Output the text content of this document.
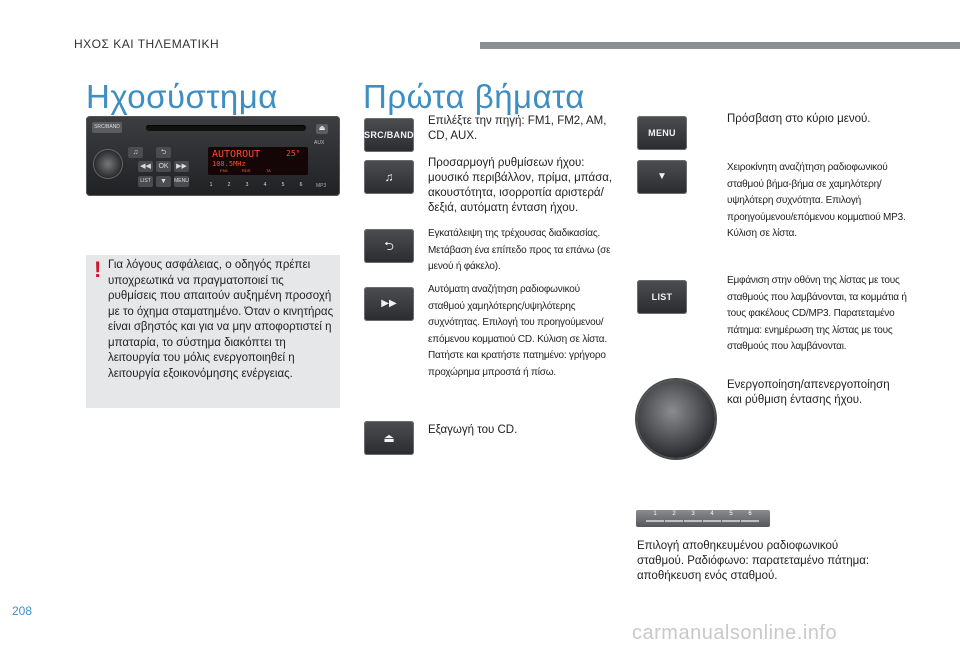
ΗΧΟΣ ΚΑΙ ΤΗΛΕΜΑΤΙΚΗ
Ηχοσύστημα
SRC/BAND	⏏
AUX
♫	⮌
◀◀	OK	▶▶
LIST	▼	MENU
AUTOROUT	25°
108.5MHz
FM1	RDS	TA
1	2	3	4	5	6	MP3
! Για λόγους ασφάλειας, ο οδηγός πρέπει υποχρεωτικά να πραγματοποιεί τις ρυθμίσεις που απαιτούν αυξημένη προσοχή με το όχημα σταματημένο. Όταν ο κινητήρας είναι σβηστός και για να μην αποφορτιστεί η μπαταρία, το σύστημα διακόπτει τη λειτουργία του μόλις ενεργοποιηθεί η λειτουργία εξοικονόμησης ενέργειας.
Πρώτα βήματα
SRC/BAND
Επιλέξτε την πηγή: FM1, FM2, AM, CD, AUX.
♫
Προσαρμογή ρυθμίσεων ήχου: μουσικό περιβάλλον, πρίμα, μπάσα, ακουστότητα, ισορροπία αριστερά/δεξιά, αυτόματη ένταση ήχου.
⮌
Εγκατάλειψη της τρέχουσας διαδικασίας. Μετάβαση ένα επίπεδο προς τα επάνω (σε μενού ή φάκελο).
▶▶
Αυτόματη αναζήτηση ραδιοφωνικού σταθμού χαμηλότερης/υψηλότερης συχνότητας. Επιλογή του προηγούμενου/επόμενου κομματιού CD. Κύλιση σε λίστα. Πατήστε και κρατήστε πατημένο: γρήγορο προχώρημα μπροστά ή πίσω.
⏏
Εξαγωγή του CD.
MENU
Πρόσβαση στο κύριο μενού.
▼
Χειροκίνητη αναζήτηση ραδιοφωνικού σταθμού βήμα-βήμα σε χαμηλότερη/υψηλότερη συχνότητα. Επιλογή προηγούμενου/επόμενου κομματιού MP3. Κύλιση σε λίστα.
LIST
Εμφάνιση στην οθόνη της λίστας με τους σταθμούς που λαμβάνονται, τα κομμάτια ή τους φακέλους CD/MP3. Παρατεταμένο πάτημα: ενημέρωση της λίστας με τους σταθμούς που λαμβάνονται.
Ενεργοποίηση/απενεργοποίηση και ρύθμιση έντασης ήχου.
1	2	3	4	5	6
Επιλογή αποθηκευμένου ραδιοφωνικού σταθμού. Ραδιόφωνο: παρατεταμένο πάτημα: αποθήκευση ενός σταθμού.
208
carmanualsonline.info
